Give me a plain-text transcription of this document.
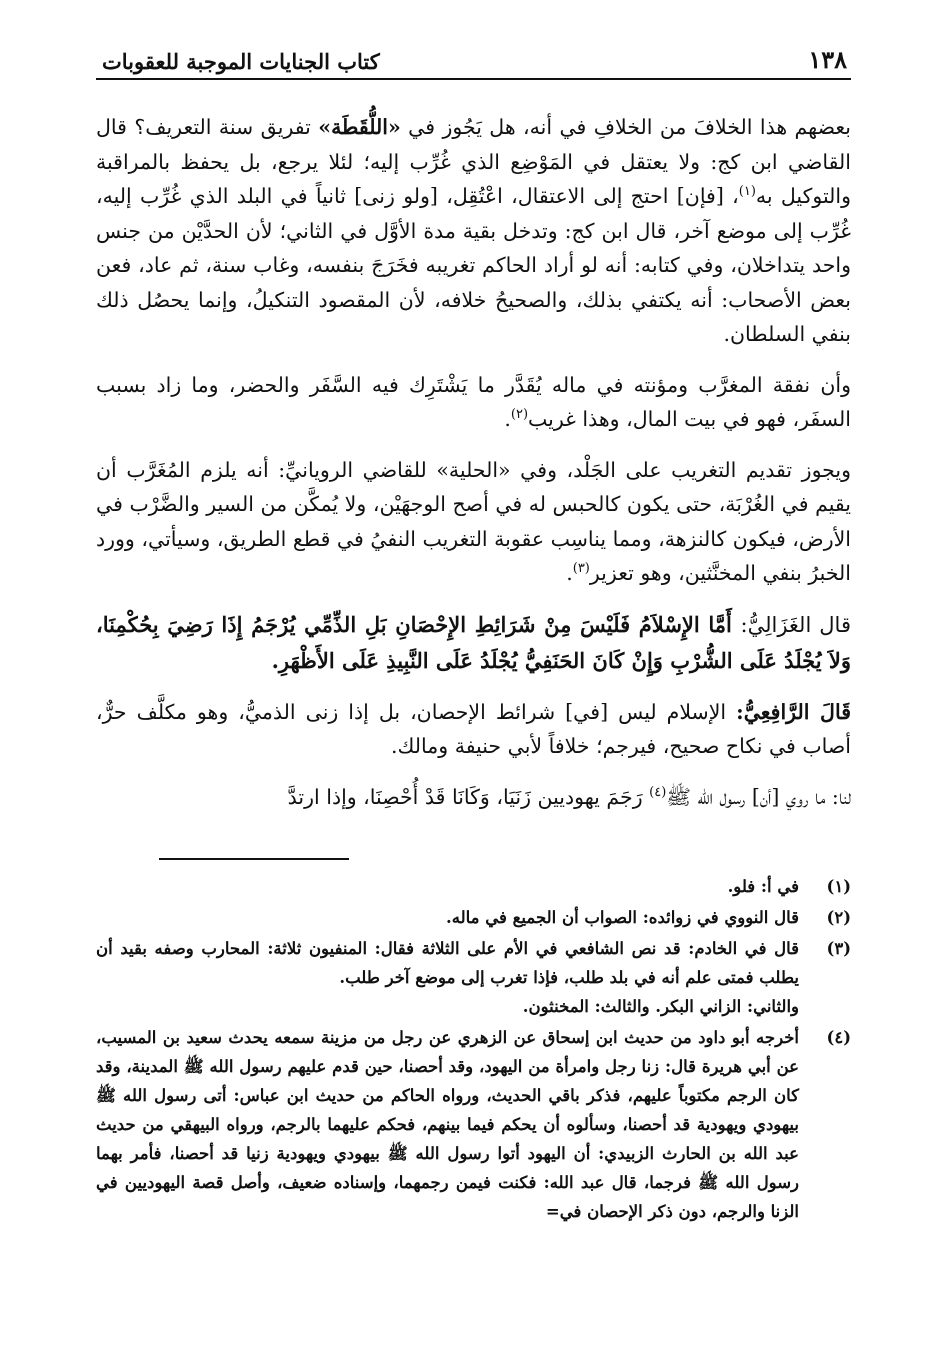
١٣٨
كتاب الجنايات الموجبة للعقوبات

بعضهم هذا الخلافَ من الخلافِ في أنه، هل يَجُوز في «اللُّقَطَة» تفريق سنة التعريف؟ قال القاضي ابن كج: ولا يعتقل في المَوْضِع الذي غُرِّب إليه؛ لئلا يرجع، بل يحفظ بالمراقبة والتوكيل به$^{(١)}$، [فإن] احتج إلى الاعتقال، اعْتُقِل، [ولو زنى] ثانياً في البلد الذي غُرِّب إليه، غُرِّب إلى موضع آخر، قال ابن كج: وتدخل بقية مدة الأوَّل في الثاني؛ لأن الحدَّيْن من جنس واحد يتداخلان، وفي كتابه: أنه لو أراد الحاكم تغريبه فخَرَجَ بنفسه، وغاب سنة، ثم عاد، فعن بعض الأصحاب: أنه يكتفي بذلك، والصحيحُ خلافه، لأن المقصود التنكيلُ، وإنما يحصُل ذلك بنفي السلطان.

وأن نفقة المغرَّب ومؤنته في ماله يُقَدَّر ما يَشْتَرِك فيه السَّفَر والحضر، وما زاد بسبب السفَر، فهو في بيت المال، وهذا غريب$^{(٢)}$.

ويجوز تقديم التغريب على الجَلْد، وفي «الحلية» للقاضي الرويانيِّ: أنه يلزم المُغَرَّب أن يقيم في الغُرْبَة، حتى يكون كالحبس له في أصح الوجهَيْن، ولا يُمكَّن من السير والضَّرْب في الأرض، فيكون كالنزهة، ومما يناسِب عقوبة التغريب النفيُ في قطع الطريق، وسيأتي، وورد الخبرُ بنفي المخنَّثين، وهو تعزير$^{(٣)}$.

قال الغَزَالِيُّ: أَمَّا الإِسْلاَمُ فَلَيْسَ مِنْ شَرَائِطِ الإِحْصَانِ بَلِ الذِّمِّي يُرْجَمُ إِذَا رَضِيَ بِحُكْمِنَا، وَلاَ يُجْلَدُ عَلَى الشُّرْبِ وَإِنْ كَانَ الحَنَفِيُّ يُجْلَدُ عَلَى النَّبِيذِ عَلَى الأَظْهَرِ.

قَالَ الرَّافِعِيُّ: الإسلام ليس [في] شرائط الإحصان، بل إذا زنى الذميُّ، وهو مكلَّف حرٌّ، أصاب في نكاح صحيح، فيرجم؛ خلافاً لأبي حنيفة ومالك.

لنا: ما روي [أن] رسول الله ﷺ$^{(٤)}$ رَجَمَ يهوديين زَنَيَا، وَكَانَا قَدْ أُحْصِنَا، وإذا ارتدَّ

(١)
في أ: فلو.
(٢)
قال النووي في زوائده: الصواب أن الجميع في ماله.
(٣)
قال في الخادم: قد نص الشافعي في الأم على الثلاثة فقال: المنفيون ثلاثة: المحارب وصفه بقيد أن يطلب فمتى علم أنه في بلد طلب، فإذا تغرب إلى موضع آخر طلب.
والثاني: الزاني البكر. والثالث: المخنثون.
(٤)
أخرجه أبو داود من حديث ابن إسحاق عن الزهري عن رجل من مزينة سمعه يحدث سعيد بن المسيب، عن أبي هريرة قال: زنا رجل وامرأة من اليهود، وقد أحصنا، حين قدم عليهم رسول الله ﷺ المدينة، وقد كان الرجم مكتوباً عليهم، فذكر باقي الحديث، ورواه الحاكم من حديث ابن عباس: أتى رسول الله ﷺ بيهودي ويهودية قد أحصنا، وسألوه أن يحكم فيما بينهم، فحكم عليهما بالرجم، ورواه البيهقي من حديث عبد الله بن الحارث الزبيدي: أن اليهود أتوا رسول الله ﷺ بيهودي ويهودية زنيا قد أحصنا، فأمر بهما رسول الله ﷺ فرجما، قال عبد الله: فكنت فيمن رجمهما، وإسناده ضعيف، وأصل قصة اليهوديين في الزنا والرجم، دون ذكر الإحصان في=
